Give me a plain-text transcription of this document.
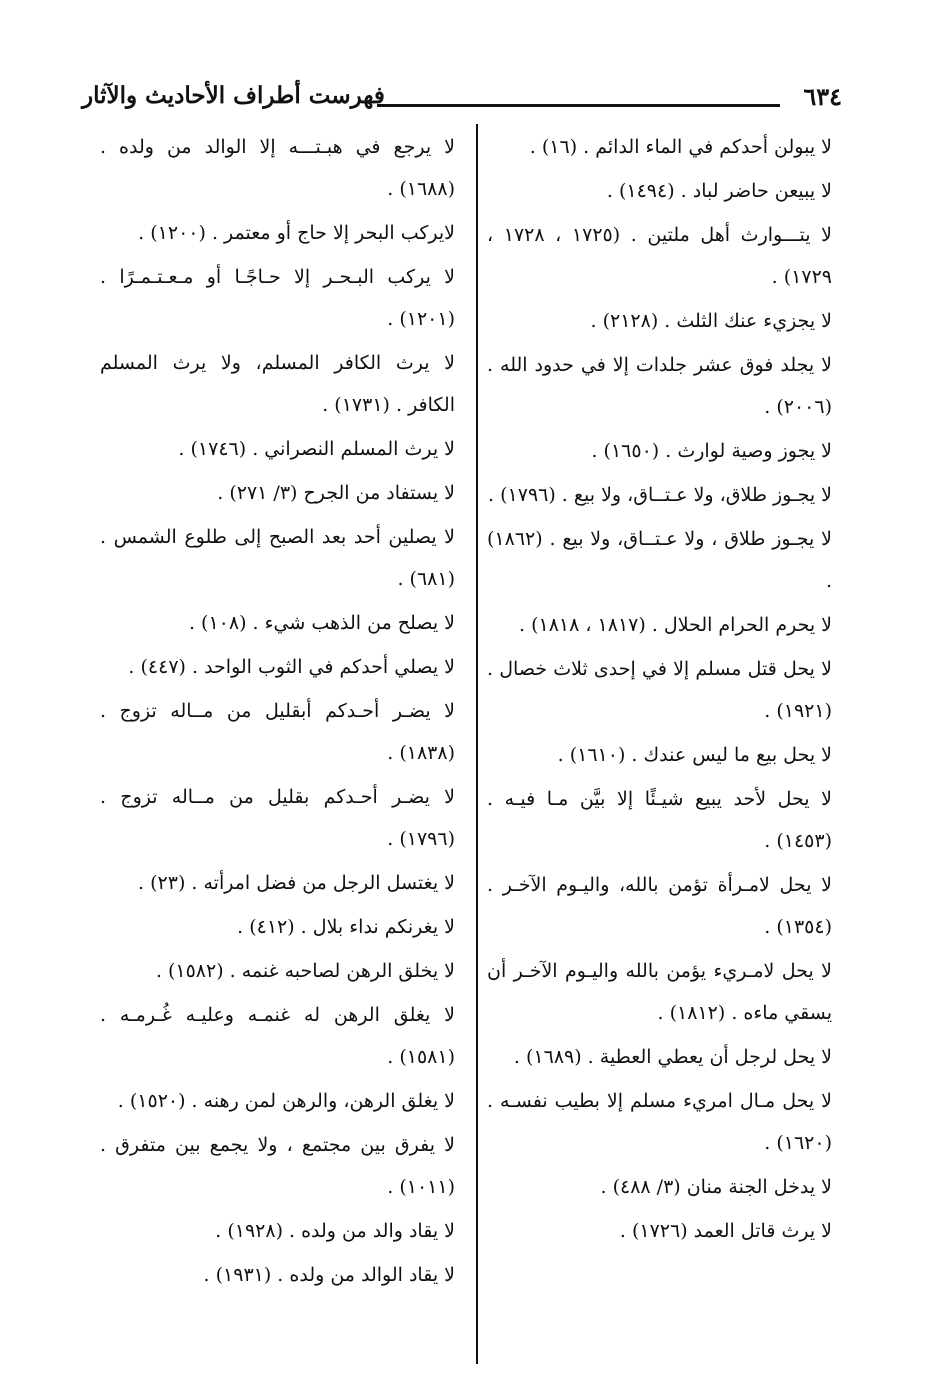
٦٣٤
فهرست أطراف الأحاديث والآثار

لا يبولن أحدكم في الماء الدائم . (١٦) .

لا يبيعن حاضر لباد . (١٤٩٤) .

لا يتـــوارث أهل ملتين . (١٧٢٥ ، ١٧٢٨ ، ١٧٢٩) .

لا يجزيء عنك الثلث . (٢١٢٨) .

لا يجلد فوق عشر جلدات إلا في حدود الله . (٢٠٠٦) .

لا يجوز وصية لوارث . (١٦٥٠) .

لا يجـوز طلاق، ولا عـتــاق، ولا بيع . (١٧٩٦) .

لا يجـوز طلاق ، ولا عـتــاق، ولا بيع . (١٨٦٢) .

لا يحرم الحرام الحلال . (١٨١٧ ، ١٨١٨) .

لا يحل قتل مسلم إلا في إحدى ثلاث خصال . (١٩٢١) .

لا يحل بيع ما ليس عندك . (١٦١٠) .

لا يحل لأحد يبيع شيـئًا إلا بيَّن مـا فيـه . (١٤٥٣) .

لا يحل لامـرأة تؤمن بالله، واليـوم الآخـر . (١٣٥٤) .

لا يحل لامـريء يؤمن بالله واليـوم الآخـر أن يسقي ماءه . (١٨١٢) .

لا يحل لرجل أن يعطي العطية . (١٦٨٩) .

لا يحل مـال امريء مسلم إلا بطيب نفسـه . (١٦٢٠) .

لا يدخل الجنة منان (٣/ ٤٨٨) .

لا يرث قاتل العمد (١٧٢٦) .

لا يرجع في هبـتـــه إلا الوالد من ولده . (١٦٨٨) .

لايركب البحر إلا حاج أو معتمر . (١٢٠٠) .

لا يركب البـحـر إلا حـاجًـا أو مـعـتـمـرًا . (١٢٠١) .

لا يرث الكافر المسلم، ولا يرث المسلم الكافر . (١٧٣١) .

لا يرث المسلم النصراني . (١٧٤٦) .

لا يستفاد من الجرح (٣/ ٢٧١) .

لا يصلين أحد بعد الصبح إلى طلوع الشمس . (٦٨١) .

لا يصلح من الذهب شيء . (١٠٨) .

لا يصلي أحدكم في الثوب الواحد . (٤٤٧) .

لا يضـر أحـدكم أبقليل من مــاله تزوج . (١٨٣٨) .

لا يضـر أحـدكم بقليل من مــاله تزوج . (١٧٩٦) .

لا يغتسل الرجل من فضل امرأته . (٢٣) .

لا يغرنكم نداء بلال . (٤١٢) .

لا يخلق الرهن لصاحبه غنمه . (١٥٨٢) .

لا يغلق الرهن له غنمـه وعليـه غُـرمـه . (١٥٨١) .

لا يغلق الرهن، والرهن لمن رهنه . (١٥٢٠) .

لا يفرق بين مجتمع ، ولا يجمع بين متفرق . (١٠١١) .

لا يقاد والد من ولده . (١٩٢٨) .

لا يقاد الوالد من ولده . (١٩٣١) .
